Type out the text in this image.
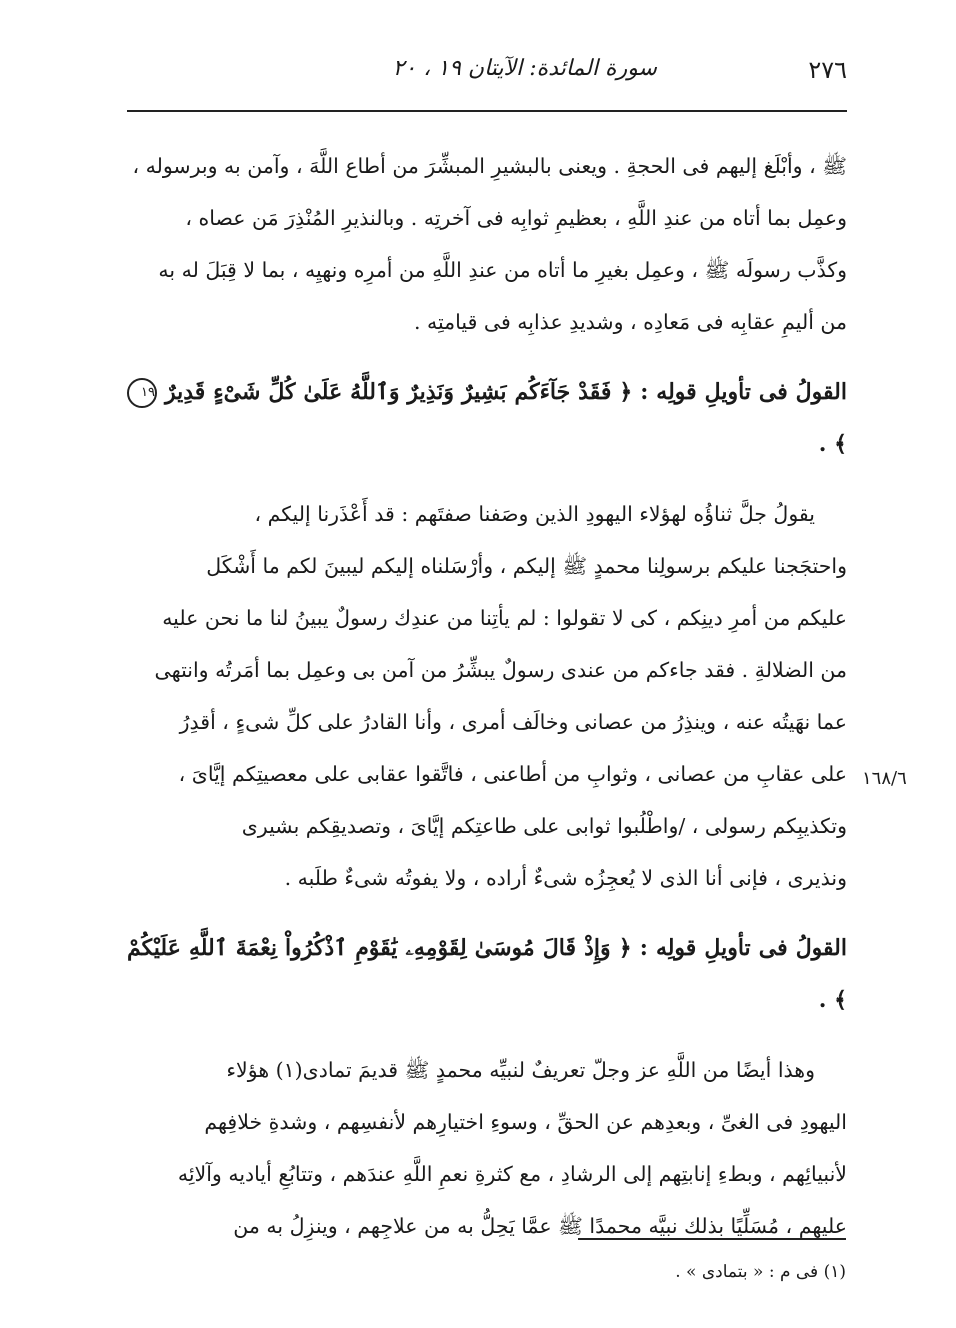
٢٧٦
سورة المائدة: الآيتان ١٩ ، ٢٠

ﷺ ، وأبْلَغ إليهم فى الحجةِ . ويعنى بالبشيرِ المبشِّرَ من أطاع اللَّهَ ، وآمن به وبرسوله ،

وعمِل بما أتاه من عندِ اللَّهِ ، بعظيمِ ثوابِه فى آخرتِه . وبالنذيرِ المُنْذِرَ مَن عصاه ،

وكذَّب رسولَه ﷺ ، وعمِل بغيرِ ما أتاه من عندِ اللَّهِ من أمرِه ونهيِه ، بما لا قِبَلَ له به

من أليمِ عقابِه فى مَعادِه ، وشديدِ عذابِه فى قيامتِه .

القولُ فى تأويلِ قولِه : ﴿ فَقَدْ جَآءَكُم بَشِيرٌ وَنَذِيرٌ وَٱللَّهُ عَلَىٰ كُلِّ شَىْءٍ قَدِيرٌ ١٩ ﴾ .

يقولُ جلَّ ثناؤُه لهؤلاء اليهودِ الذين وصَفنا صفتَهم : قد أَعْذَرنا إليكم ،

واحتجَجنا عليكم برسولِنا محمدٍ ﷺ إليكم ، وأرْسَلناه إليكم ليبينَ لكم ما أَشْكَل

عليكم من أمرِ دينِكم ، كى لا تقولوا : لم يأتِنا من عندِك رسولٌ يبينُ لنا ما نحن عليه

من الضلالةِ . فقد جاءكم من عندى رسولٌ يبشِّرُ من آمن بى وعمِل بما أمَرتُه وانتهى

عما نهَيتُه عنه ، وينذِرُ من عصانى وخالَف أمرى ، وأنا القادرُ على كلِّ شىءٍ ، أقدِرُ

على عقابِ من عصانى ، وثوابِ من أطاعنى ، فاتَّقوا عقابى على معصيتِكم إيَّاىَ ،

وتكذيبِكم رسولى ، /واطْلُبوا ثوابى على طاعتِكم إيَّاىَ ، وتصديقِكم بشيرى

ونذيرى ، فإنى أنا الذى لا يُعجِزُه شىءٌ أراده ، ولا يفوتُه شىءٌ طلَبه .

القولُ فى تأويلِ قولِه : ﴿ وَإِذْ قَالَ مُوسَىٰ لِقَوْمِهِۦ يَٰقَوْمِ ٱذْكُرُواْ نِعْمَةَ ٱللَّهِ عَلَيْكُمْ ﴾ .

وهذا أيضًا من اللَّهِ عز وجلّ تعريفٌ لنبيِّه محمدٍ ﷺ قديمَ تمادى(١) هؤلاء

اليهودِ فى الغىِّ ، وبعدِهم عن الحقِّ ، وسوءِ اختيارِهم لأنفسِهم ، وشدةِ خلافِهم

لأنبيائِهم ، وبطءِ إنابتِهم إلى الرشادِ ، مع كثرةِ نعمِ اللَّهِ عندَهم ، وتتابُعِ أياديه وآلائِه

عليهم ، مُسَلِّيًا بذلك نبيَّه محمدًا ﷺ عمَّا يَحِلُّ به من علاجِهم ، وينزِلُ به من

١٦٨/٦
(١) فى م : « بتمادى » .
